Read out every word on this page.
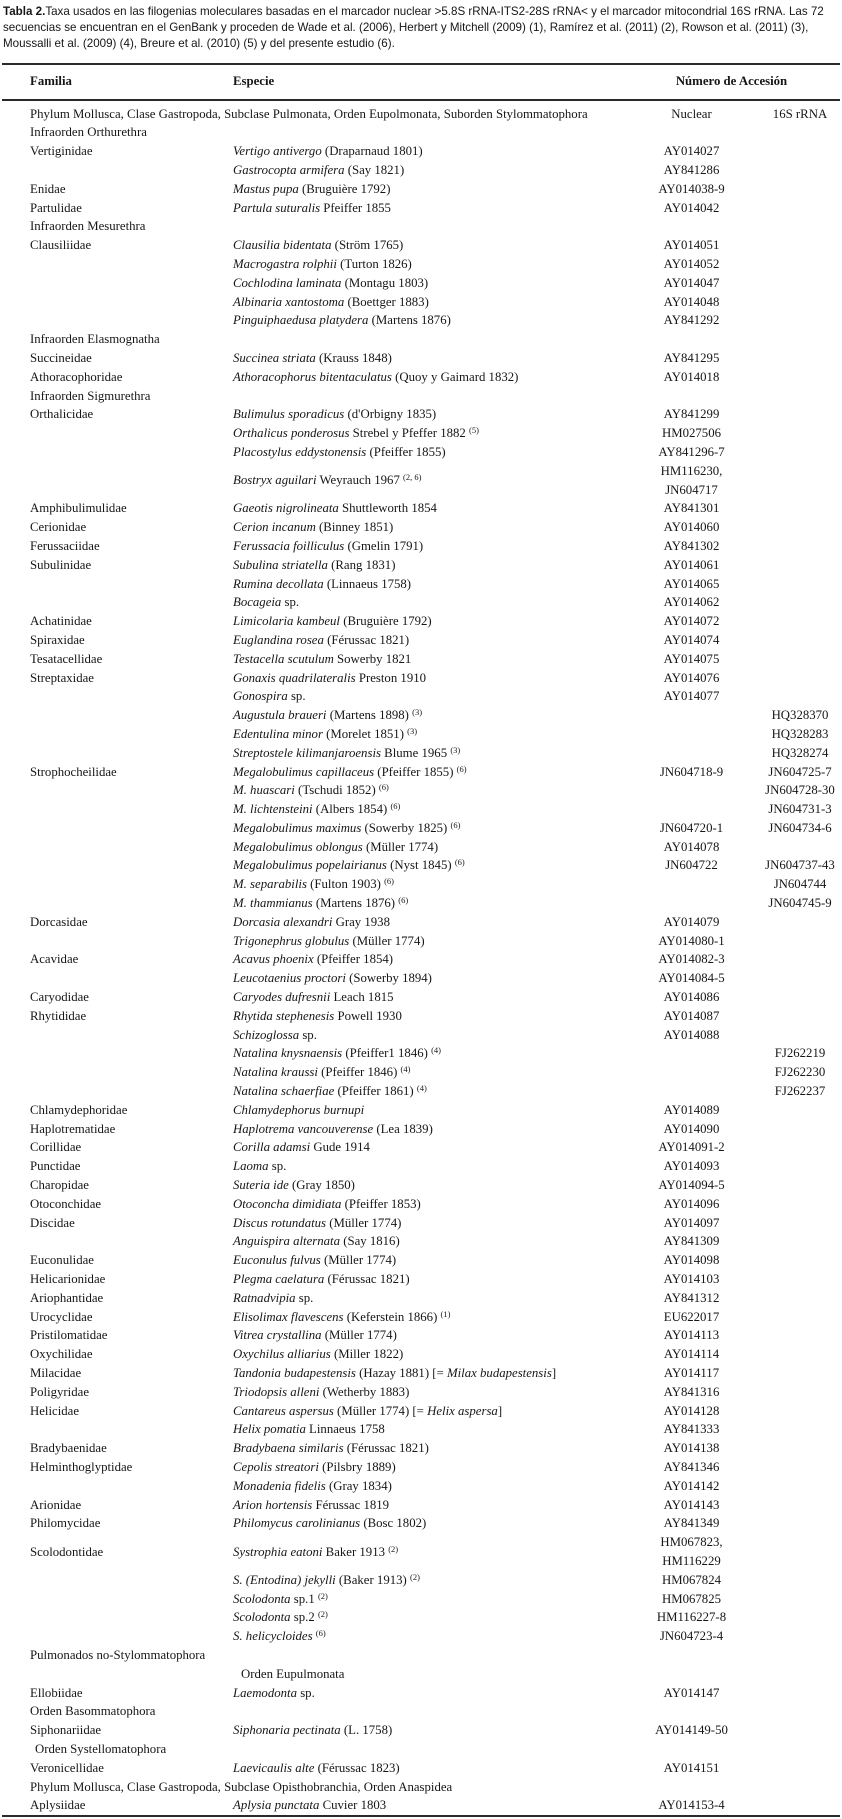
Tabla 2.Taxa usados en las filogenias moleculares basadas en el marcador nuclear >5.8S rRNA-ITS2-28S rRNA< y el marcador mitocondrial 16S rRNA. Las 72 secuencias se encuentran en el GenBank y proceden de Wade et al. (2006), Herbert y Mitchell (2009) (1), Ramírez et al. (2011) (2), Rowson et al. (2011) (3), Moussalli et al. (2009) (4), Breure et al. (2010) (5) y del presente estudio (6).

Familia	Especie	Número de Accesión	
Phylum Mollusca, Clase Gastropoda, Subclase Pulmonata, Orden Eupolmonata, Suborden Stylommatophora		Nuclear	16S rRNA
Infraorden Orthurethra			
Vertiginidae	Vertigo antivergo (Draparnaud 1801)	AY014027	

	Gastrocopta armifera (Say 1821)	AY841286	

Enidae	Mastus pupa (Bruguière 1792)	AY014038-9	

Partulidae	Partula suturalis Pfeiffer 1855	AY014042	

Infraorden Mesurethra			
Clausiliidae	Clausilia bidentata (Ström 1765)	AY014051	

	Macrogastra rolphii (Turton 1826)	AY014052	

	Cochlodina laminata (Montagu 1803)	AY014047	

	Albinaria xantostoma (Boettger 1883)	AY014048	

	Pinguiphaedusa platydera (Martens 1876)	AY841292	

Infraorden Elasmognatha			
Succineidae	Succinea striata (Krauss 1848)	AY841295	

Athoracophoridae	Athoracophorus bitentaculatus (Quoy y Gaimard 1832)	AY014018	

Infraorden Sigmurethra			
Orthalicidae	Bulimulus sporadicus (d'Orbigny 1835)	AY841299	

	Orthalicus ponderosus Strebel y Pfeffer 1882 $^{(5)}$	HM027506	

	Placostylus eddystonensis (Pfeiffer 1855)	AY841296-7	

	Bostryx aguilari Weyrauch 1967 $^{(2, 6)}$	HM116230,
JN604717	

Amphibulimulidae	Gaeotis nigrolineata Shuttleworth 1854	AY841301	

Cerionidae	Cerion incanum (Binney 1851)	AY014060	

Ferussaciidae	Ferussacia foilliculus (Gmelin 1791)	AY841302	

Subulinidae	Subulina striatella (Rang 1831)	AY014061	

	Rumina decollata (Linnaeus 1758)	AY014065	

	Bocageia sp.	AY014062	

Achatinidae	Limicolaria kambeul (Bruguière 1792)	AY014072	

Spiraxidae	Euglandina rosea (Férussac 1821)	AY014074	

Tesatacellidae	Testacella scutulum Sowerby 1821	AY014075	

Streptaxidae	Gonaxis quadrilateralis Preston 1910	AY014076	

	Gonospira sp.	AY014077	

	Augustula braueri (Martens 1898) $^{(3)}$		HQ328370

	Edentulina minor (Morelet 1851) $^{(3)}$		HQ328283

	Streptostele kilimanjaroensis Blume 1965 $^{(3)}$		HQ328274

Strophocheilidae	Megalobulimus capillaceus (Pfeiffer 1855) $^{(6)}$	JN604718-9	JN604725-7

	M. huascari (Tschudi 1852) $^{(6)}$		JN604728-30

	M. lichtensteini (Albers 1854) $^{(6)}$		JN604731-3

	Megalobulimus maximus (Sowerby 1825) $^{(6)}$	JN604720-1	JN604734-6

	Megalobulimus oblongus (Müller 1774)	AY014078	

	Megalobulimus popelairianus (Nyst 1845) $^{(6)}$	JN604722	JN604737-43

	M. separabilis (Fulton 1903) $^{(6)}$		JN604744

	M. thammianus (Martens 1876) $^{(6)}$		JN604745-9

Dorcasidae	Dorcasia alexandri Gray 1938	AY014079	

	Trigonephrus globulus (Müller 1774)	AY014080-1	

Acavidae	Acavus phoenix (Pfeiffer 1854)	AY014082-3	

	Leucotaenius proctori (Sowerby 1894)	AY014084-5	

Caryodidae	Caryodes dufresnii Leach 1815	AY014086	

Rhytididae	Rhytida stephenesis Powell 1930	AY014087	

	Schizoglossa sp.	AY014088	

	Natalina knysnaensis (Pfeiffer1 1846) $^{(4)}$		FJ262219

	Natalina kraussi (Pfeiffer 1846) $^{(4)}$		FJ262230

	Natalina schaerfiae (Pfeiffer 1861) $^{(4)}$		FJ262237

Chlamydephoridae	Chlamydephorus burnupi	AY014089	

Haplotrematidae	Haplotrema vancouverense (Lea 1839)	AY014090	

Corillidae	Corilla adamsi Gude 1914	AY014091-2	

Punctidae	Laoma sp.	AY014093	

Charopidae	Suteria ide (Gray 1850)	AY014094-5	

Otoconchidae	Otoconcha dimidiata (Pfeiffer 1853)	AY014096	

Discidae	Discus rotundatus (Müller 1774)	AY014097	

	Anguispira alternata (Say 1816)	AY841309	

Euconulidae	Euconulus fulvus (Müller 1774)	AY014098	

Helicarionidae	Plegma caelatura (Férussac 1821)	AY014103	

Ariophantidae	Ratnadvipia sp.	AY841312	

Urocyclidae	Elisolimax flavescens (Keferstein 1866) $^{(1)}$	EU622017	

Pristilomatidae	Vitrea crystallina (Müller 1774)	AY014113	

Oxychilidae	Oxychilus alliarius (Miller 1822)	AY014114	

Milacidae	Tandonia budapestensis (Hazay 1881) [= Milax budapestensis]	AY014117	

Poligyridae	Triodopsis alleni (Wetherby 1883)	AY841316	

Helicidae	Cantareus aspersus (Müller 1774) [= Helix aspersa]	AY014128	

	Helix pomatia Linnaeus 1758	AY841333	

Bradybaenidae	Bradybaena similaris (Férussac 1821)	AY014138	

Helminthoglyptidae	Cepolis streatori (Pilsbry 1889)	AY841346	

	Monadenia fidelis (Gray 1834)	AY014142	

Arionidae	Arion hortensis Férussac 1819	AY014143	

Philomycidae	Philomycus carolinianus (Bosc 1802)	AY841349	

Scolodontidae	Systrophia eatoni Baker 1913 $^{(2)}$	HM067823,
HM116229	

	S. (Entodina) jekylli (Baker 1913) $^{(2)}$	HM067824	

	Scolodonta sp.1 $^{(2)}$	HM067825	

	Scolodonta sp.2 $^{(2)}$	HM116227-8	

	S. helicycloides $^{(6)}$	JN604723-4	

Pulmonados no-Stylommatophora			
	Orden Eupulmonata		
Ellobiidae	Laemodonta sp.	AY014147	

Orden Basommatophora			
Siphonariidae	Siphonaria pectinata (L. 1758)	AY014149-50	

Orden Systellomatophora			
Veronicellidae	Laevicaulis alte (Férussac 1823)	AY014151	

Phylum Mollusca, Clase Gastropoda, Subclase Opisthobranchia, Orden Anaspidea			
Aplysiidae	Aplysia punctata Cuvier 1803	AY014153-4	
